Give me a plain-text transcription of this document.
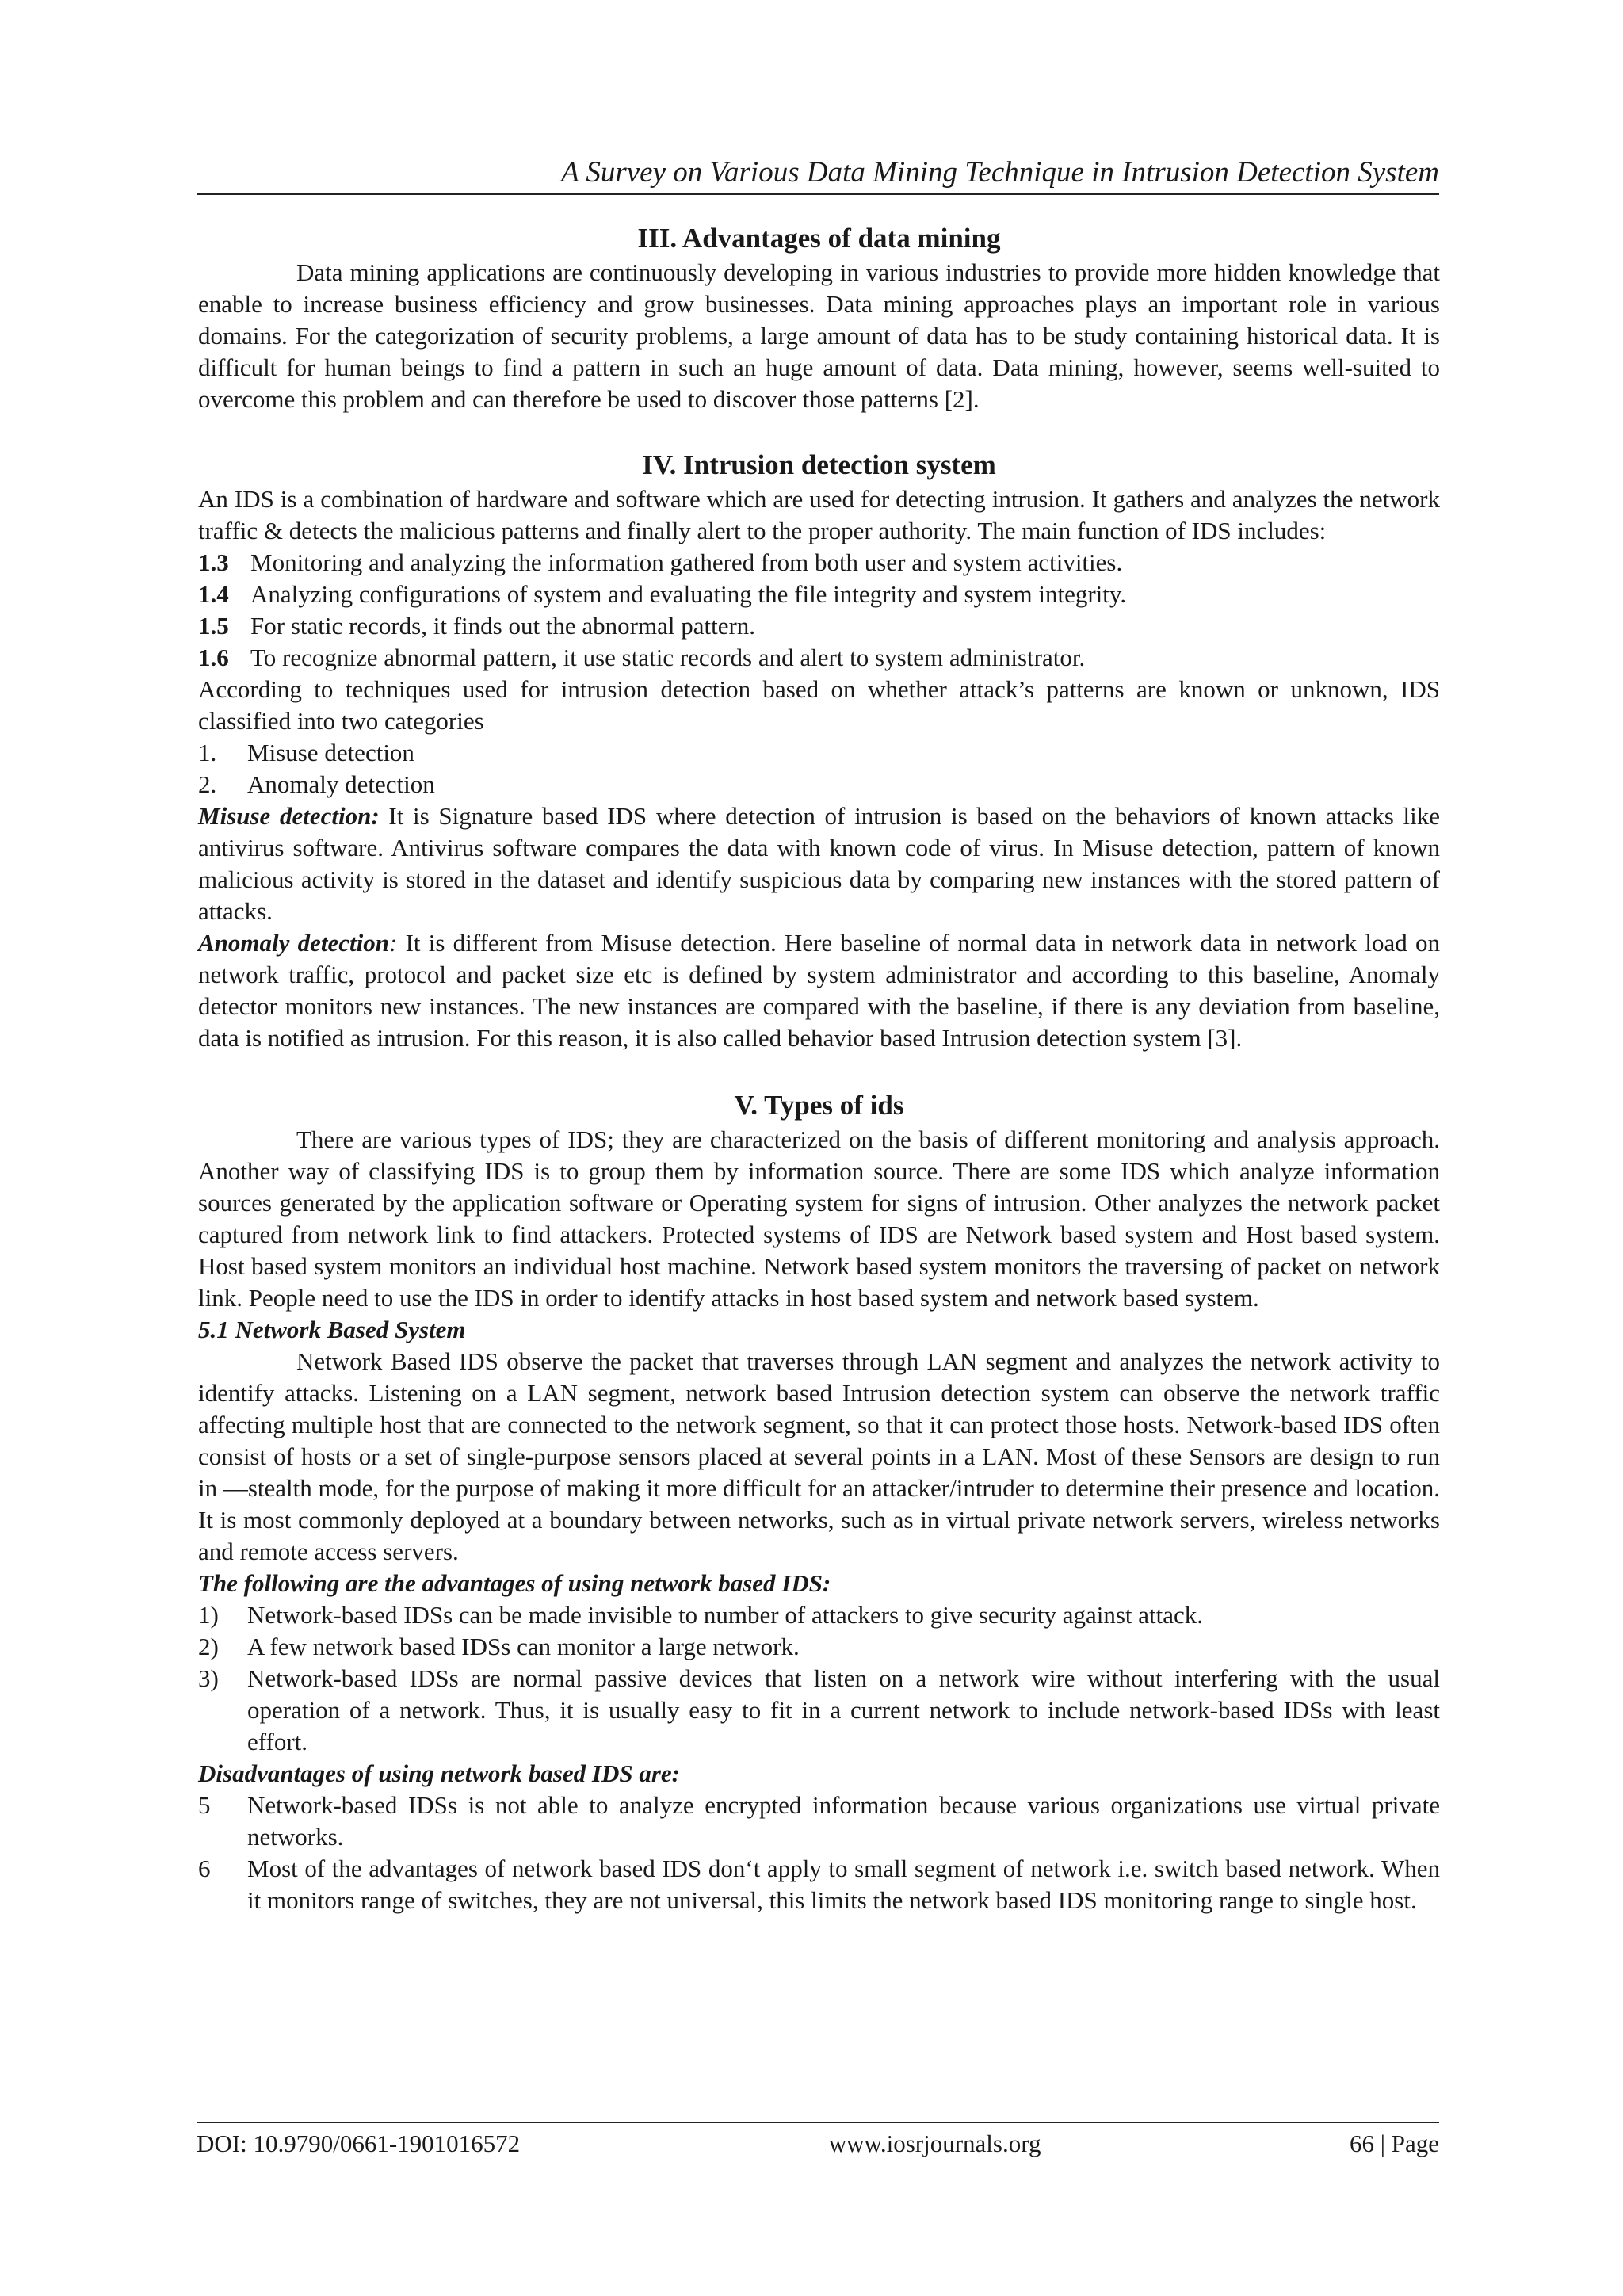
A Survey on Various Data Mining Technique in Intrusion Detection System
III. Advantages of data mining

Data mining applications are continuously developing in various industries to provide more hidden knowledge that enable to increase business efficiency and grow businesses. Data mining approaches plays an important role in various domains. For the categorization of security problems, a large amount of data has to be study containing historical data. It is difficult for human beings to find a pattern in such an huge amount of data. Data mining, however, seems well-suited to overcome this problem and can therefore be used to discover those patterns [2].

IV. Intrusion detection system

An IDS is a combination of hardware and software which are used for detecting intrusion. It gathers and analyzes the network traffic & detects the malicious patterns and finally alert to the proper authority. The main function of IDS includes:

1.3 Monitoring and analyzing the information gathered from both user and system activities.

1.4 Analyzing configurations of system and evaluating the file integrity and system integrity.

1.5 For static records, it finds out the abnormal pattern.

1.6 To recognize abnormal pattern, it use static records and alert to system administrator.

According to techniques used for intrusion detection based on whether attack’s patterns are known or unknown, IDS classified into two categories

1. Misuse detection
2. Anomaly detection

Misuse detection: It is Signature based IDS where detection of intrusion is based on the behaviors of known attacks like antivirus software. Antivirus software compares the data with known code of virus. In Misuse detection, pattern of known malicious activity is stored in the dataset and identify suspicious data by comparing new instances with the stored pattern of attacks.

Anomaly detection: It is different from Misuse detection. Here baseline of normal data in network data in network load on network traffic, protocol and packet size etc is defined by system administrator and according to this baseline, Anomaly detector monitors new instances. The new instances are compared with the baseline, if there is any deviation from baseline, data is notified as intrusion. For this reason, it is also called behavior based Intrusion detection system [3].

V. Types of ids

There are various types of IDS; they are characterized on the basis of different monitoring and analysis approach. Another way of classifying IDS is to group them by information source. There are some IDS which analyze information sources generated by the application software or Operating system for signs of intrusion. Other analyzes the network packet captured from network link to find attackers. Protected systems of IDS are Network based system and Host based system. Host based system monitors an individual host machine. Network based system monitors the traversing of packet on network link. People need to use the IDS in order to identify attacks in host based system and network based system.

5.1 Network Based System

Network Based IDS observe the packet that traverses through LAN segment and analyzes the network activity to identify attacks. Listening on a LAN segment, network based Intrusion detection system can observe the network traffic affecting multiple host that are connected to the network segment, so that it can protect those hosts. Network-based IDS often consist of hosts or a set of single-purpose sensors placed at several points in a LAN. Most of these Sensors are design to run in ―stealth mode, for the purpose of making it more difficult for an attacker/intruder to determine their presence and location. It is most commonly deployed at a boundary between networks, such as in virtual private network servers, wireless networks and remote access servers.

The following are the advantages of using network based IDS:

1)	Network-based IDSs can be made invisible to number of attackers to give security against attack.
2)	A few network based IDSs can monitor a large network.
3)	Network-based IDSs are normal passive devices that listen on a network wire without interfering with the usual operation of a network. Thus, it is usually easy to fit in a current network to include network-based IDSs with least effort.

Disadvantages of using network based IDS are:

5	Network-based IDSs is not able to analyze encrypted information because various organizations use virtual private networks.
6	Most of the advantages of network based IDS don‘t apply to small segment of network i.e. switch based network. When it monitors range of switches, they are not universal, this limits the network based IDS monitoring range to single host.
DOI: 10.9790/0661-1901016572	www.iosrjournals.org	66 | Page
